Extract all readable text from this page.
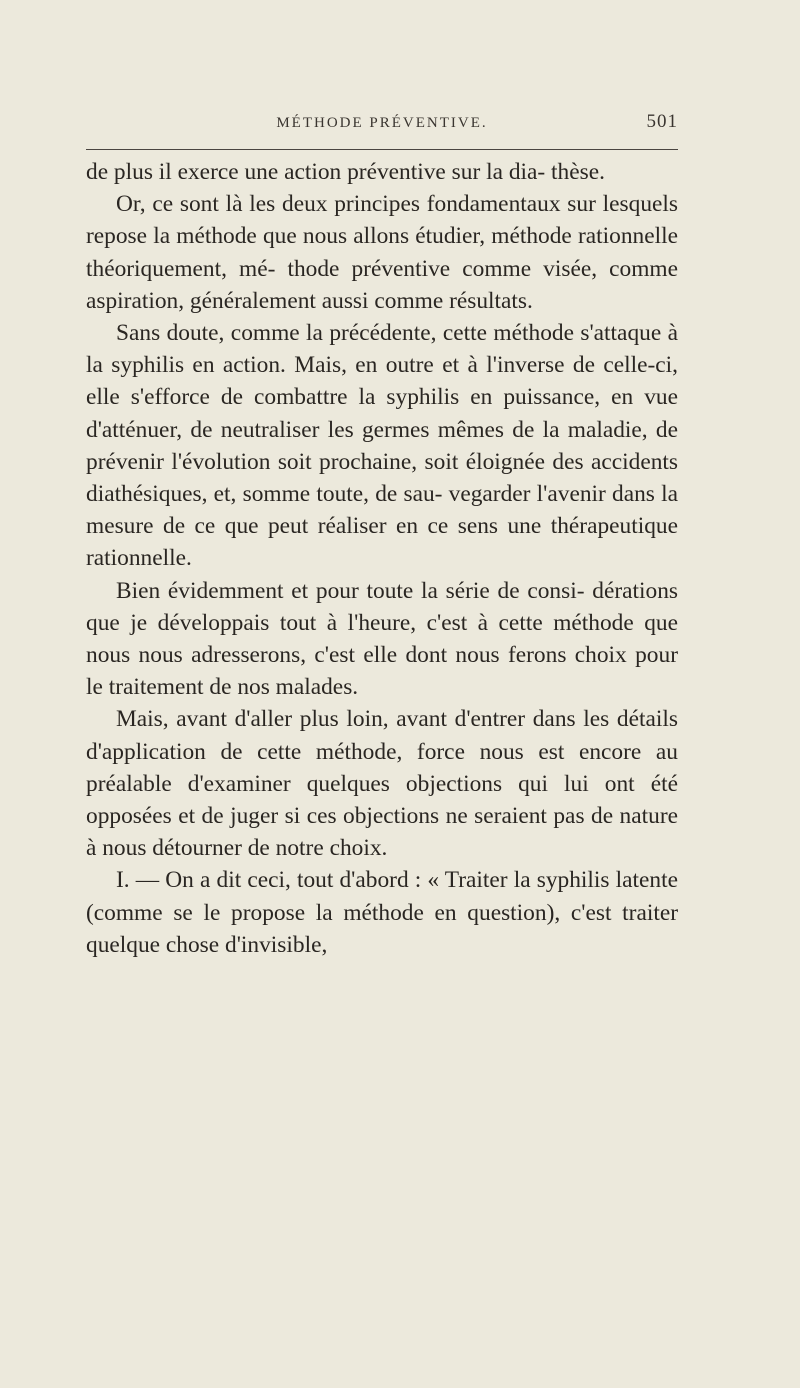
MÉTHODE PRÉVENTIVE.	501

de plus il exerce une action préventive sur la dia- thèse.

Or, ce sont là les deux principes fondamentaux sur lesquels repose la méthode que nous allons étudier, méthode rationnelle théoriquement, mé- thode préventive comme visée, comme aspiration, généralement aussi comme résultats.

Sans doute, comme la précédente, cette méthode s'attaque à la syphilis en action. Mais, en outre et à l'inverse de celle-ci, elle s'efforce de combattre la syphilis en puissance, en vue d'atténuer, de neutraliser les germes mêmes de la maladie, de prévenir l'évolution soit prochaine, soit éloignée des accidents diathésiques, et, somme toute, de sau- vegarder l'avenir dans la mesure de ce que peut réaliser en ce sens une thérapeutique rationnelle.

Bien évidemment et pour toute la série de consi- dérations que je développais tout à l'heure, c'est à cette méthode que nous nous adresserons, c'est elle dont nous ferons choix pour le traitement de nos malades.

Mais, avant d'aller plus loin, avant d'entrer dans les détails d'application de cette méthode, force nous est encore au préalable d'examiner quelques objections qui lui ont été opposées et de juger si ces objections ne seraient pas de nature à nous détourner de notre choix.

I. — On a dit ceci, tout d'abord : « Traiter la syphilis latente (comme se le propose la méthode en question), c'est traiter quelque chose d'invisible,
